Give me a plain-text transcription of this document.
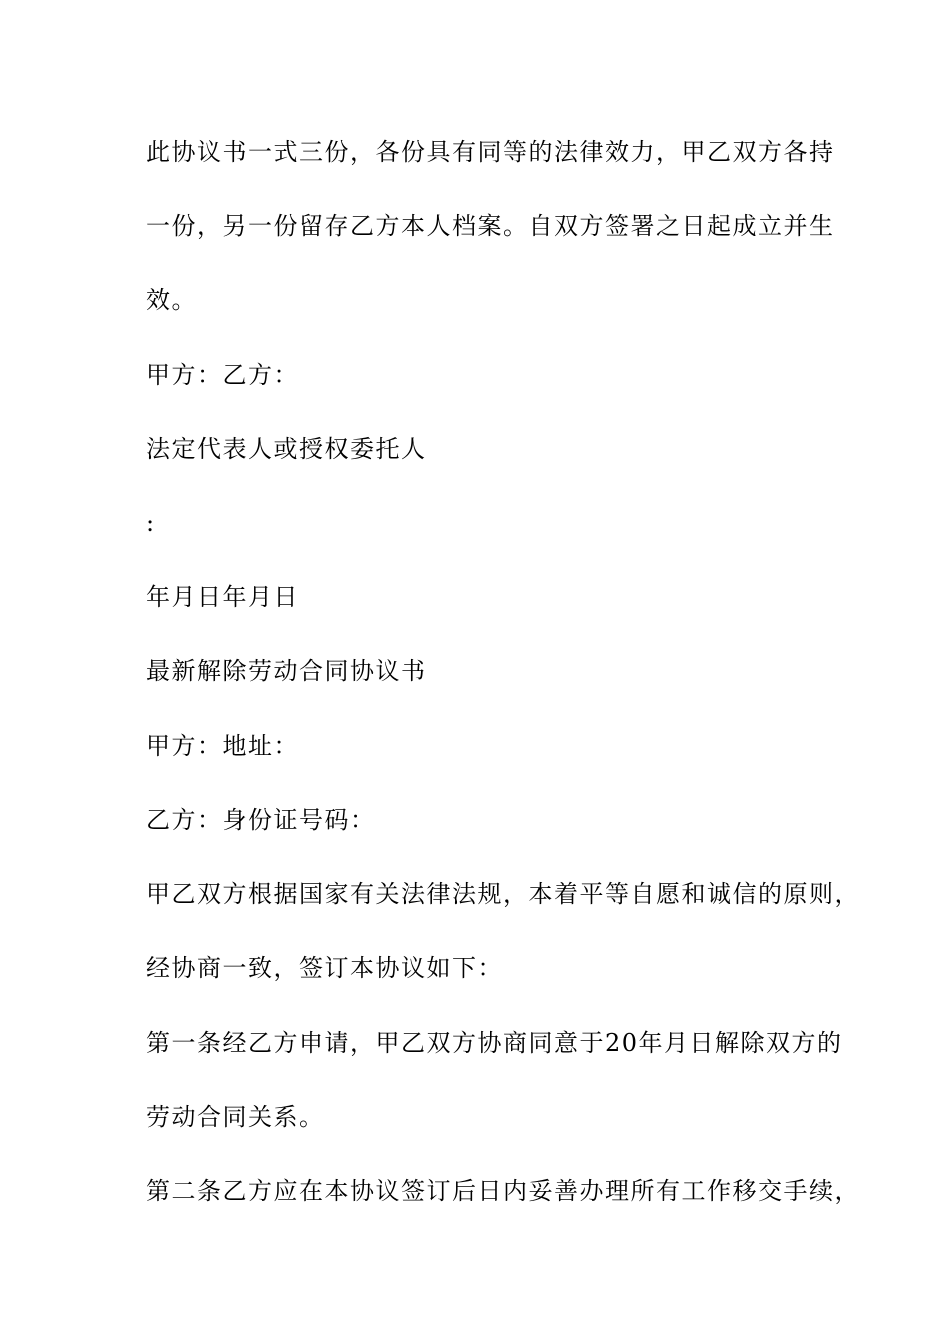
此协议书一式三份，各份具有同等的法律效力，甲乙双方各持
一份，另一份留存乙方本人档案。自双方签署之日起成立并生
效。
甲方：乙方：
法定代表人或授权委托人
:
年月日年月日
最新解除劳动合同协议书
甲方：地址：
乙方：身份证号码：
甲乙双方根据国家有关法律法规，本着平等自愿和诚信的原则，
经协商一致，签订本协议如下：
第一条经乙方申请，甲乙双方协商同意于20年月日解除双方的
劳动合同关系。
第二条乙方应在本协议签订后日内妥善办理所有工作移交手续，
